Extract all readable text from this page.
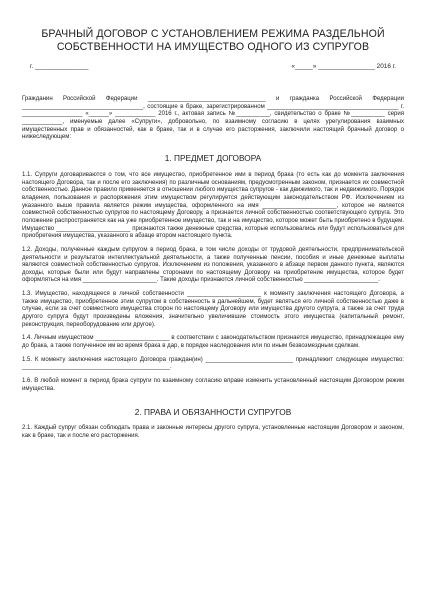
БРАЧНЫЙ ДОГОВОР С УСТАНОВЛЕНИЕМ РЕЖИМА РАЗДЕЛЬНОЙ
СОБСТВЕННОСТИ НА ИМУЩЕСТВО ОДНОГО ИЗ СУПРУГОВ
г. _______________	«_____» ________________ 2016 г.

Гражданин Российской Федерации ___________________________________ и гражданка Российской Федерации ____________________________________, состоящие в браке, зарегистрированном _______________________________________ г. __________________ «______» ____________ 2016 г., актовая запись №__________, свидетельство о браке №__________ серия ____________, именуемые далее «Супруги», добровольно, по взаимному согласию в целях урегулирования взаимных имущественных прав и обязанностей, как в браке, так и в случае его расторжения, заключили настоящий брачный договор о нижеследующем:

1. ПРЕДМЕТ ДОГОВОРА

1.1. Супруги договариваются о том, что все имущество, приобретенное ими в период брака (то есть как до момента заключения настоящего Договора, так и после его заключения) по различным основаниям, предусмотренным законом, признается их совместной собственностью. Данное правило применяется в отношении любого имущества супругов - как движимого, так и недвижимого. Порядок владения, пользования и распоряжения этим имуществом регулируется действующим законодательством РФ. Исключением из указанного выше правила является режим имущества, оформленного на имя ______________________, которое не является совместной собственностью супругов по настоящему Договору, а признается личной собственностью соответствующего супруга. Это положение распространяется как на уже приобретенное имущество, так и на имущество, которое может быть приобретено в будущем. Имущество ______________________ признаются также денежные средства, которые использовались или будут использоваться для приобретения имущества, указанного в абзаце втором настоящего пункта.

1.2. Доходы, полученные каждым супругом в период брака, в том числе доходы от трудовой деятельности, предпринимательской деятельности и результатов интеллектуальной деятельности, а также полученные пенсии, пособия и иные денежные выплаты являются совместной собственностью супругов. Исключением из положения, указанного в абзаце первом данного пункта, являются доходы, которые были или будут направлены сторонами по настоящему Договору на приобретение имущества, которое будет оформляться на имя ______________________. Такие доходы признаются личной собственностью ______________________.

1.3. Имущество, находящееся в личной собственности ______________________ к моменту заключения настоящего Договора, а также имущество, приобретенное этим супругом в собственность в дальнейшем, будет являться его личной собственностью даже в случае, если за счет совместного имущества сторон по настоящему Договору или имущества другого супруга, а также за счет труда другого супруга будут произведены вложения, значительно увеличившие стоимость этого имущества (капитальный ремонт, реконструкция, переоборудование или другое).

1.4. Личным имуществом ______________________ в соответствии с законодательством признается имущество, принадлежащее ему до брака, а также полученное им во время брака в дар, в порядке наследования или по иным безвозмездным сделкам.

1.5. К моменту заключения настоящего Договора граждан(ин) __________________________ принадлежит следующее имущество: ____________________________________________.

1.6. В любой момент в период брака супруги по взаимному согласию вправе изменить установленный настоящим Договором режим имущества.

2. ПРАВА И ОБЯЗАННОСТИ СУПРУГОВ

2.1. Каждый супруг обязан соблюдать права и законные интересы другого супруга, установленные настоящим Договором и законом, как в браке, так и после его расторжения.
